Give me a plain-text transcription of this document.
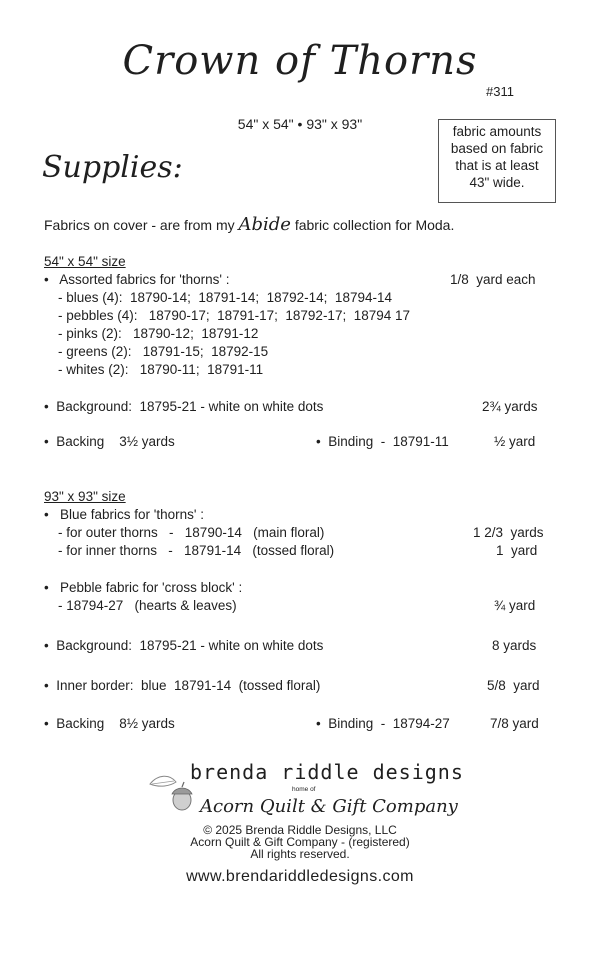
Crown of Thorns
#311
54" x 54" • 93" x 93"	fabric amounts
based on fabric
that is at least
43" wide.
Supplies:
Fabrics on cover - are from my Abide fabric collection for Moda.
54" x 54" size
•   Assorted fabrics for 'thorns' :	1/8  yard each
- blues (4):  18790-14;  18791-14;  18792-14;  18794-14
- pebbles (4):   18790-17;  18791-17;  18792-17;  18794 17
- pinks (2):   18790-12;  18791-12
- greens (2):   18791-15;  18792-15
- whites (2):   18790-11;  18791-11
•  Background:  18795-21 - white on white dots	2¾ yards
•  Backing    3½ yards	•  Binding  -  18791-11	½ yard
93" x 93" size
•   Blue fabrics for 'thorns' :
- for outer thorns   -   18790-14   (main floral)	1 2/3  yards
- for inner thorns   -   18791-14   (tossed floral)	1  yard
•   Pebble fabric for 'cross block' :
- 18794-27   (hearts & leaves)	¾ yard
•  Background:  18795-21 - white on white dots	8 yards
•  Inner border:  blue  18791-14  (tossed floral)	5/8  yard
•  Backing    8½ yards	•  Binding  -  18794-27	7/8 yard
brenda riddle designs
home of
Acorn Quilt & Gift Company
© 2025 Brenda Riddle Designs, LLC
Acorn Quilt & Gift Company - (registered)
All rights reserved.
www.brendariddledesigns.com
